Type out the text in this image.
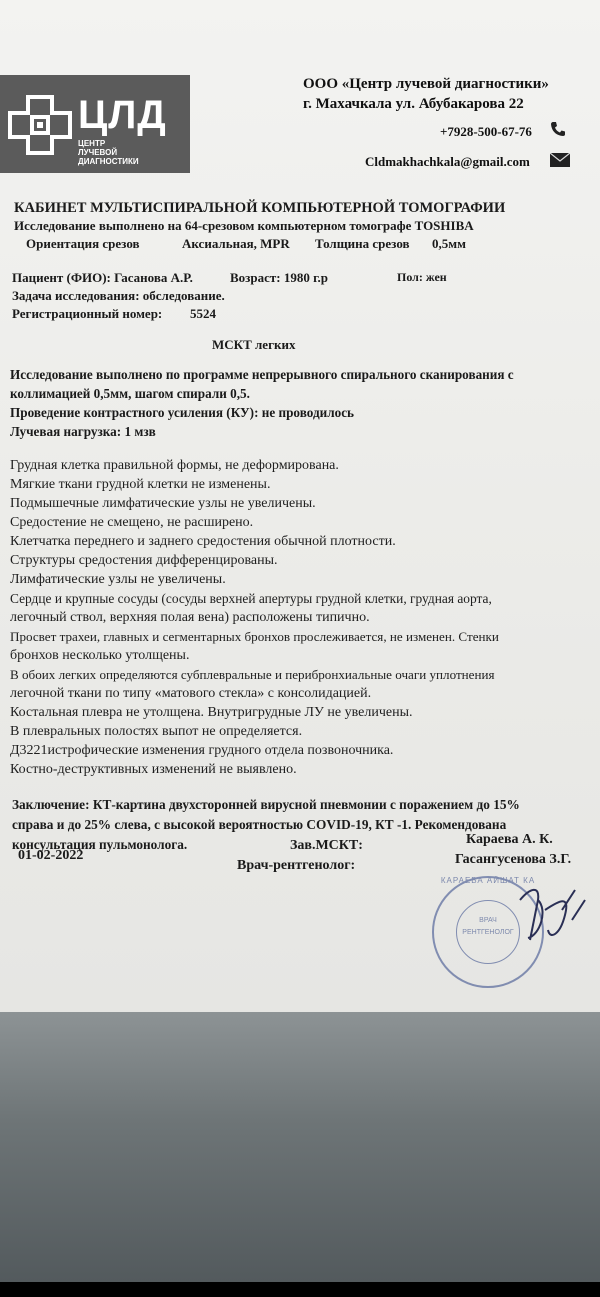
ЦЛД
ЦЕНТР
ЛУЧЕВОЙ
ДИАГНОСТИКИ
ООО «Центр лучевой диагностики»
г. Махачкала ул. Абубакарова 22
+7928-500-67-76
Cldmakhachkala@gmail.com
КАБИНЕТ МУЛЬТИСПИРАЛЬНОЙ КОМПЬЮТЕРНОЙ ТОМОГРАФИИ
Исследование выполнено на 64-срезовом компьютерном томографе TOSHIBA
Ориентация срезов	Аксиальная, MPR Толщина срезов 0,5мм
Пациент (ФИО): Гасанова А.Р.	Возраст: 1980 г.р	Пол: жен
Задача исследования: обследование.
Регистрационный номер: 5524
МСКТ легких
Исследование выполнено по программе непрерывного спирального сканирования с
коллимацией 0,5мм, шагом спирали 0,5.
Проведение контрастного усиления (КУ): не проводилось
Лучевая нагрузка: 1 мзв
Грудная клетка правильной формы, не деформирована.
Мягкие ткани грудной клетки не изменены.
Подмышечные лимфатические узлы не увеличены.
Средостение не смещено, не расширено.
Клетчатка переднего и заднего средостения обычной плотности.
Структуры средостения дифференцированы.
Лимфатические узлы не увеличены.
Сердце и крупные сосуды (сосуды верхней апертуры грудной клетки, грудная аорта,
легочный ствол, верхняя полая вена) расположены типично.
Просвет трахеи, главных и сегментарных бронхов прослеживается, не изменен. Стенки
бронхов несколько утолщены.
В обоих легких определяются субплевральные и перибронхиальные очаги уплотнения
легочной ткани по типу «матового стекла» с консолидацией.
Костальная плевра не утолщена. Внутригрудные ЛУ не увеличены.
В плевральных полостях выпот не определяется.
Д3221истрофические изменения грудного отдела позвоночника.
Костно-деструктивных изменений не выявлено.
Заключение: КТ-картина двухсторонней вирусной пневмонии с поражением до 15%
справа и до 25% слева, с высокой вероятностью COVID-19, КТ -1. Рекомендована
консультация пульмонолога.
01-02-2022
Зав.МСКТ:
Врач-рентгенолог:
Караева А. К.
Гасангусенова З.Г.
КАРАЕВА АЙШАТ КА
ВРАЧ
РЕНТГЕНОЛОГ
